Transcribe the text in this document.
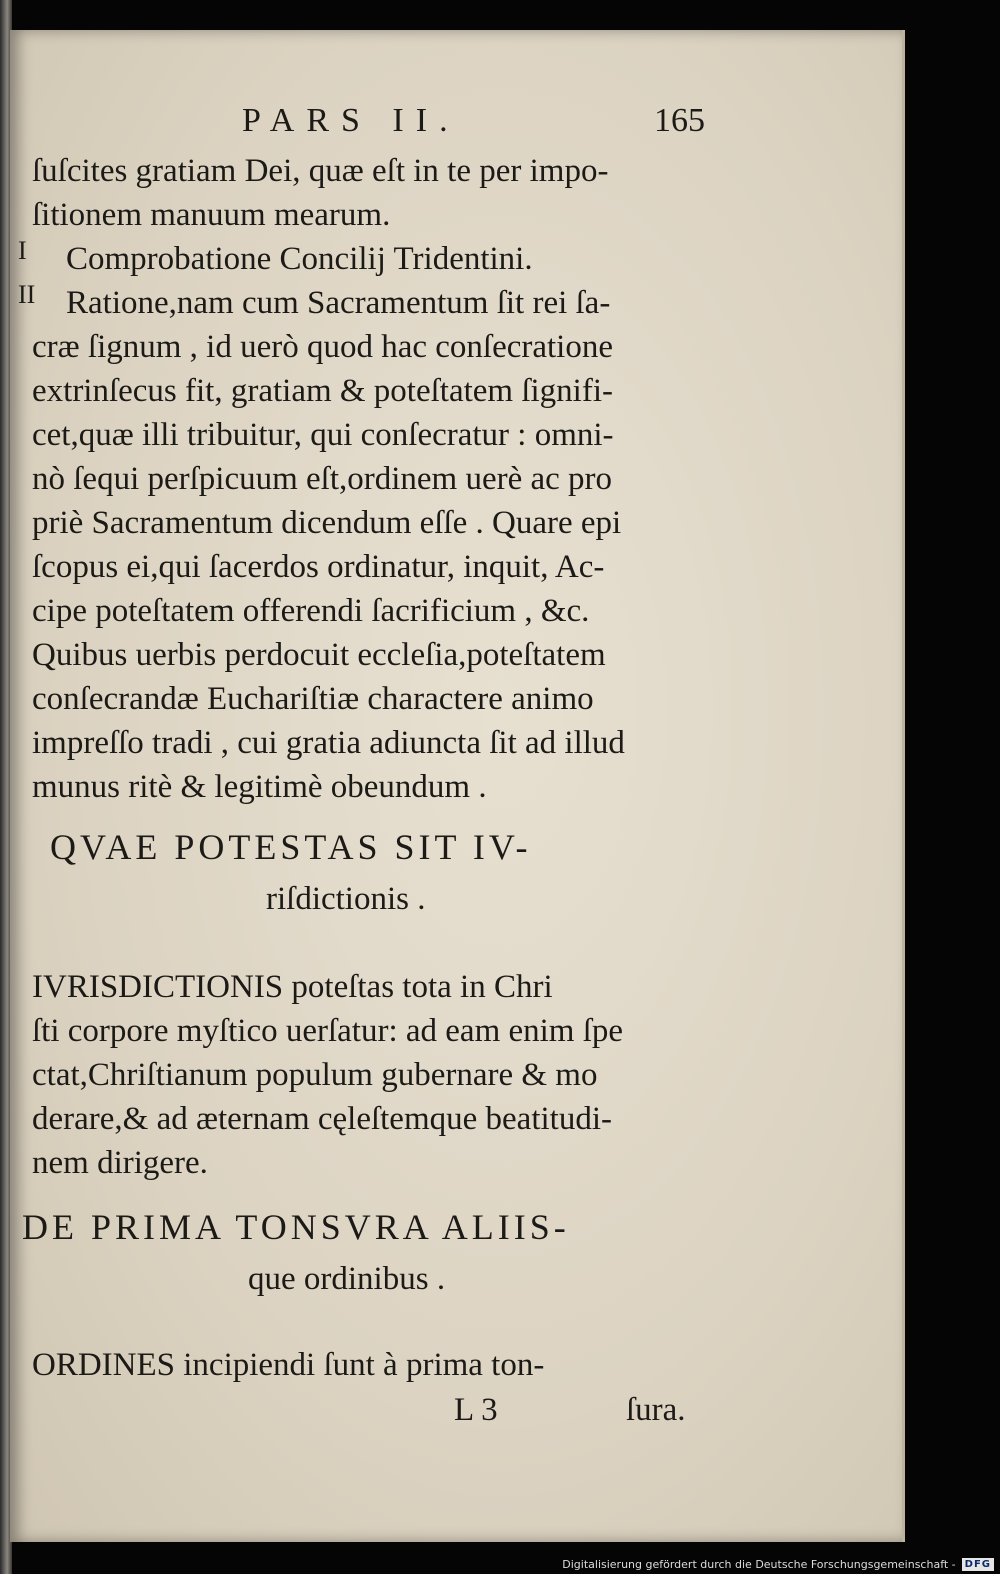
PARS II.	165
I
II
ſuſcites gratiam Dei, quæ eſt in te per impo-
ſitionem manuum mearum.
Comprobatione Concilij Tridentini.
Ratione,nam cum Sacramentum ſit rei ſa-
cræ ſignum , id uerò quod hac conſecratione
extrinſecus fit, gratiam & poteſtatem ſignifi-
cet,quæ illi tribuitur, qui conſecratur : omni-
nò ſequi perſpicuum eſt,ordinem uerè ac pro
priè Sacramentum dicendum eſſe . Quare epi
ſcopus ei,qui ſacerdos ordinatur, inquit, Ac-
cipe poteſtatem offerendi ſacrificium , &c.
Quibus uerbis perdocuit eccleſia,poteſtatem
conſecrandæ Euchariſtiæ charactere animo
impreſſo tradi , cui gratia adiuncta ſit ad illud
munus ritè & legitimè obeundum .
QVAE POTESTAS SIT IV-
riſdictionis .
IVRISDICTIONIS poteſtas tota in Chri
ſti corpore myſtico uerſatur: ad eam enim ſpe
ctat,Chriſtianum populum gubernare & mo
derare,& ad æternam cęleſtemque beatitudi-
nem dirigere.
DE PRIMA TONSVRA ALIIS-
que ordinibus .
ORDINES incipiendi ſunt à prima ton-
L 3	ſura.
Digitalisierung gefördert durch die Deutsche Forschungsgemeinschaft - DFG
